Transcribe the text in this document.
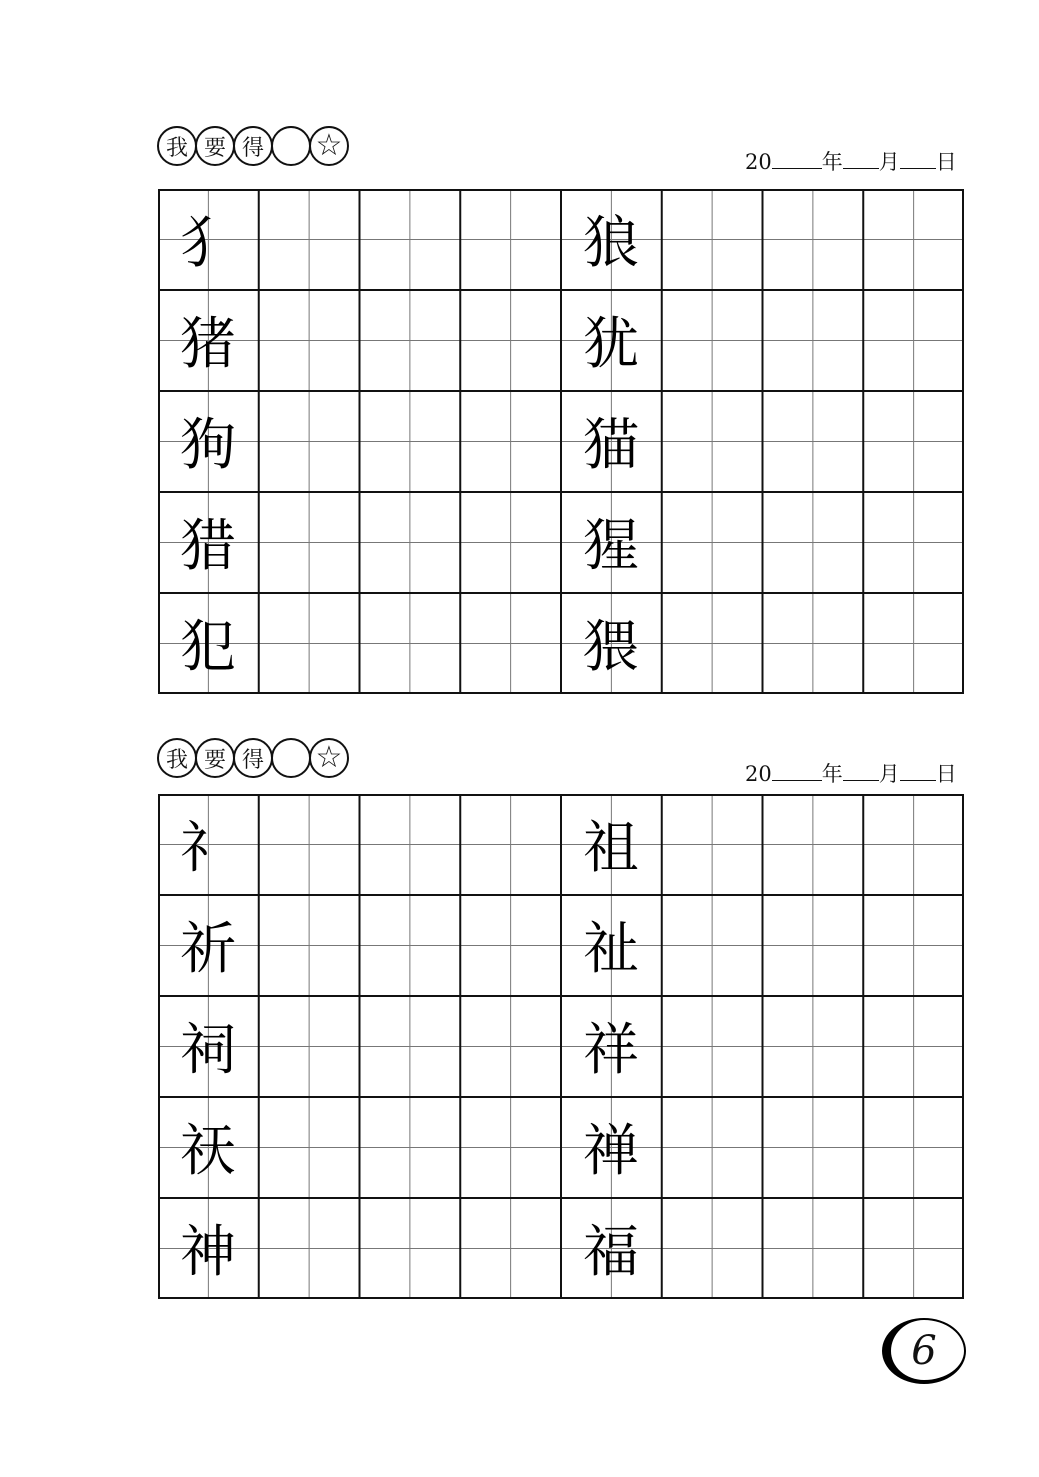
我 要 得 ☆	20 年 月 日
犭
猪
狗
猎
犯
狼
犹
猫
猩
猥
我 要 得 ☆	20 年 月 日
礻
祈
祠
祆
神
祖
祉
祥
禅
福
6
